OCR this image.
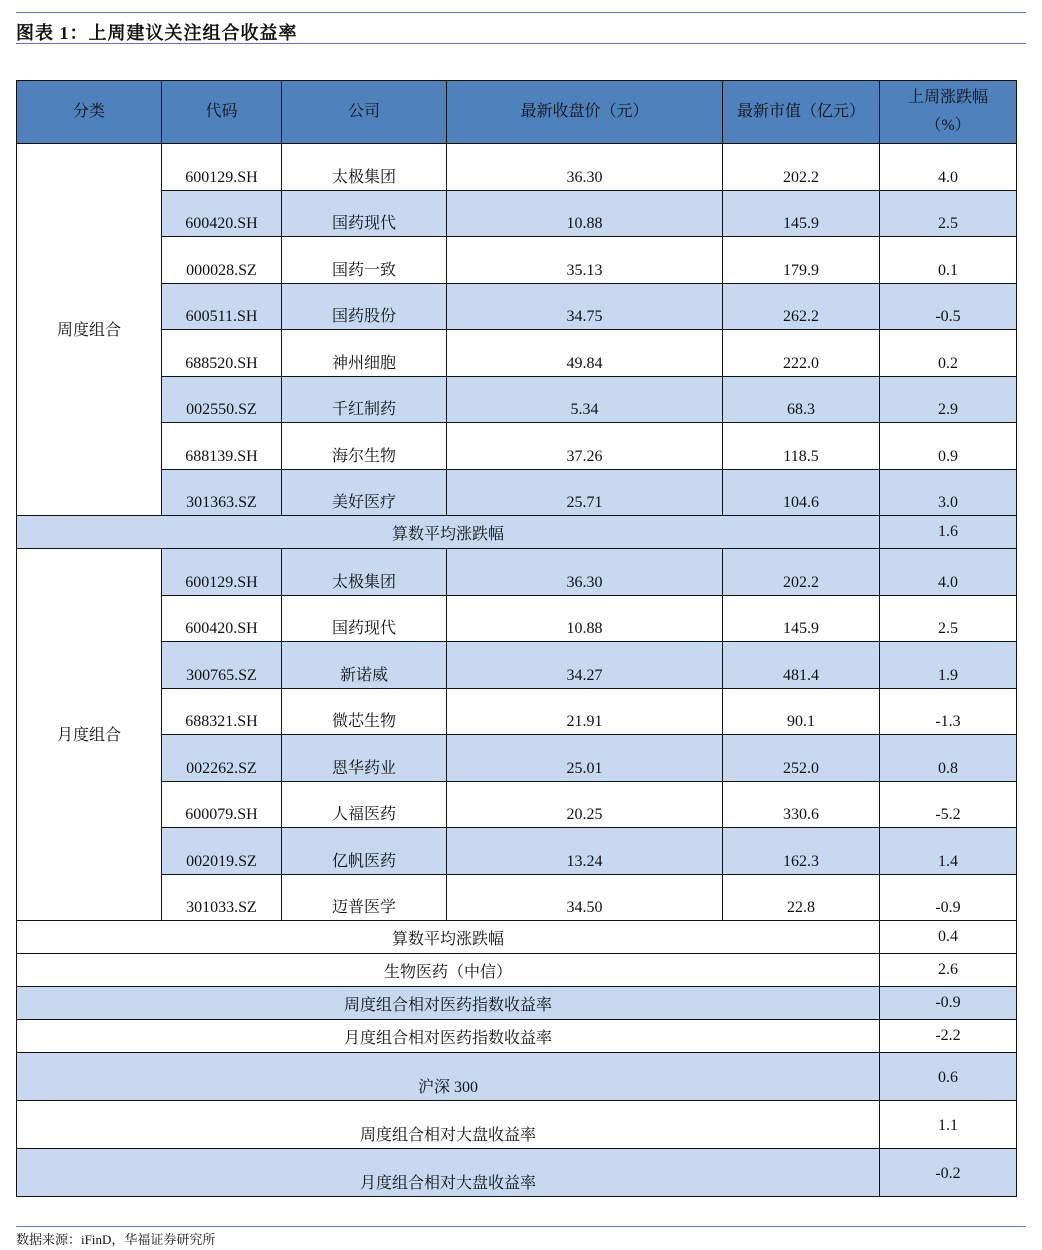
图表 1：上周建议关注组合收益率
分类	代码	公司	最新收盘价（元）	最新市值（亿元）	上周涨跌幅
（%）
周度组合	600129.SH	太极集团	36.30	202.2	4.0
	600420.SH	国药现代	10.88	145.9	2.5
	000028.SZ	国药一致	35.13	179.9	0.1
	600511.SH	国药股份	34.75	262.2	-0.5
	688520.SH	神州细胞	49.84	222.0	0.2
	002550.SZ	千红制药	5.34	68.3	2.9
	688139.SH	海尔生物	37.26	118.5	0.9
	301363.SZ	美好医疗	25.71	104.6	3.0
算数平均涨跌幅					1.6
月度组合	600129.SH	太极集团	36.30	202.2	4.0
	600420.SH	国药现代	10.88	145.9	2.5
	300765.SZ	新诺威	34.27	481.4	1.9
	688321.SH	微芯生物	21.91	90.1	-1.3
	002262.SZ	恩华药业	25.01	252.0	0.8
	600079.SH	人福医药	20.25	330.6	-5.2
	002019.SZ	亿帆医药	13.24	162.3	1.4
	301033.SZ	迈普医学	34.50	22.8	-0.9
算数平均涨跌幅					0.4
生物医药（中信）					2.6
周度组合相对医药指数收益率					-0.9
月度组合相对医药指数收益率					-2.2
沪深 300					0.6
周度组合相对大盘收益率					1.1
月度组合相对大盘收益率					-0.2
数据来源：iFinD，华福证券研究所
